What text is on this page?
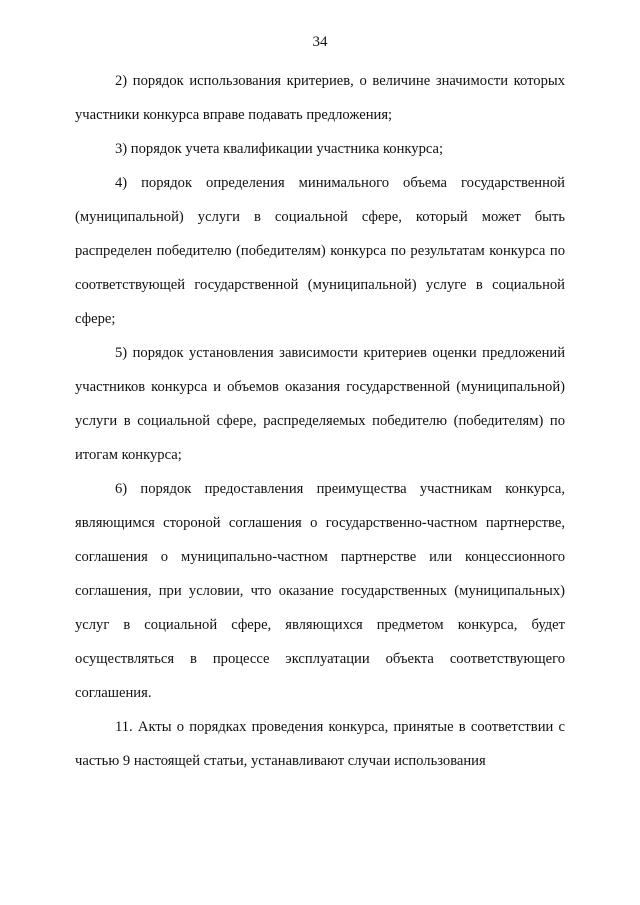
34

2) порядок использования критериев, о величине значимости которых участники конкурса вправе подавать предложения;

3) порядок учета квалификации участника конкурса;

4) порядок определения минимального объема государственной (муниципальной) услуги в социальной сфере, который может быть распределен победителю (победителям) конкурса по результатам конкурса по соответствующей государственной (муниципальной) услуге в социальной сфере;

5) порядок установления зависимости критериев оценки предложений участников конкурса и объемов оказания государственной (муниципальной) услуги в социальной сфере, распределяемых победителю (победителям) по итогам конкурса;

6) порядок предоставления преимущества участникам конкурса, являющимся стороной соглашения о государственно-частном партнерстве, соглашения о муниципально-частном партнерстве или концессионного соглашения, при условии, что оказание государственных (муниципальных) услуг в социальной сфере, являющихся предметом конкурса, будет осуществляться в процессе эксплуатации объекта соответствующего соглашения.

11. Акты о порядках проведения конкурса, принятые в соответствии с частью 9 настоящей статьи, устанавливают случаи использования
